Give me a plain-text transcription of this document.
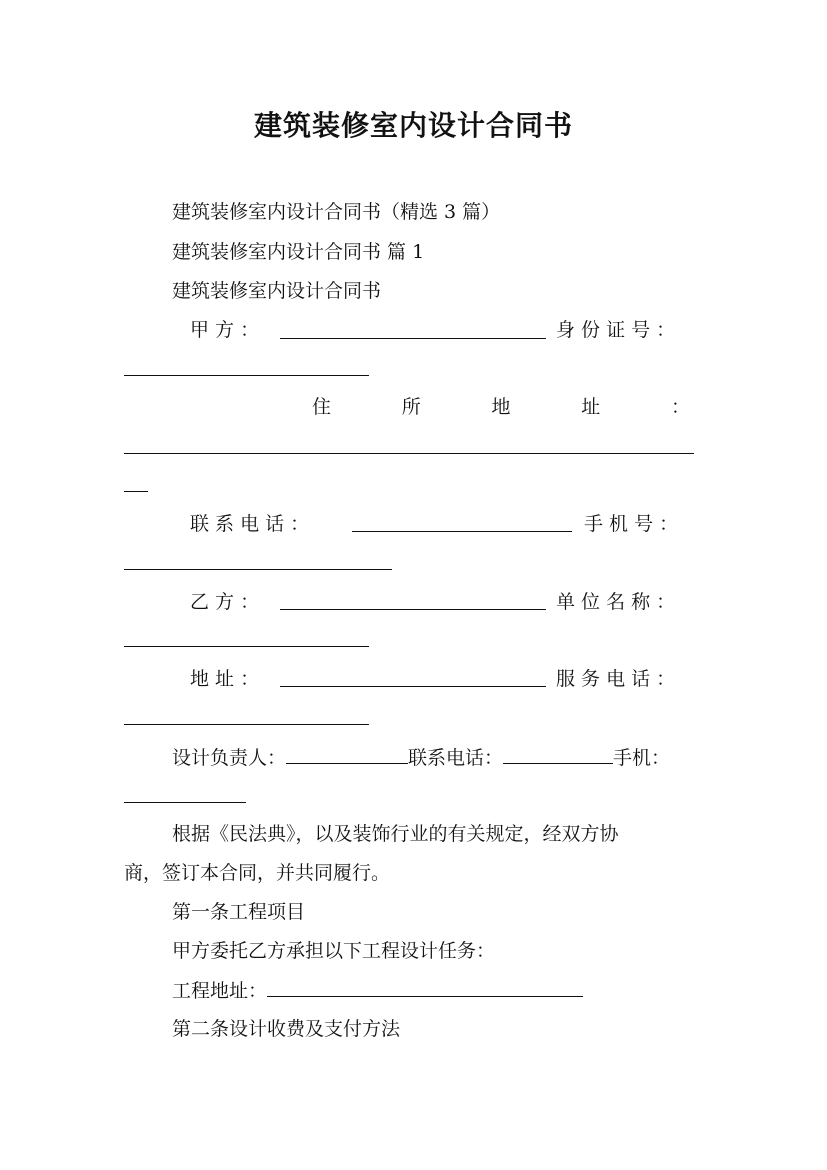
建筑装修室内设计合同书
建筑装修室内设计合同书（精选 3 篇）
建筑装修室内设计合同书 篇 1
建筑装修室内设计合同书
甲 方 ：	身 份 证 号 ：
住	所	地	址	：
联 系 电 话 ：	手 机 号 ：
乙 方 ：	单 位 名 称 ：
地 址 ：	服 务 电 话 ：
设计负责人：	联系电话：	手机：
根据《民法典》，以及装饰行业的有关规定，经双方协
商，签订本合同，并共同履行。
第一条工程项目
甲方委托乙方承担以下工程设计任务：
工程地址：
第二条设计收费及支付方法
